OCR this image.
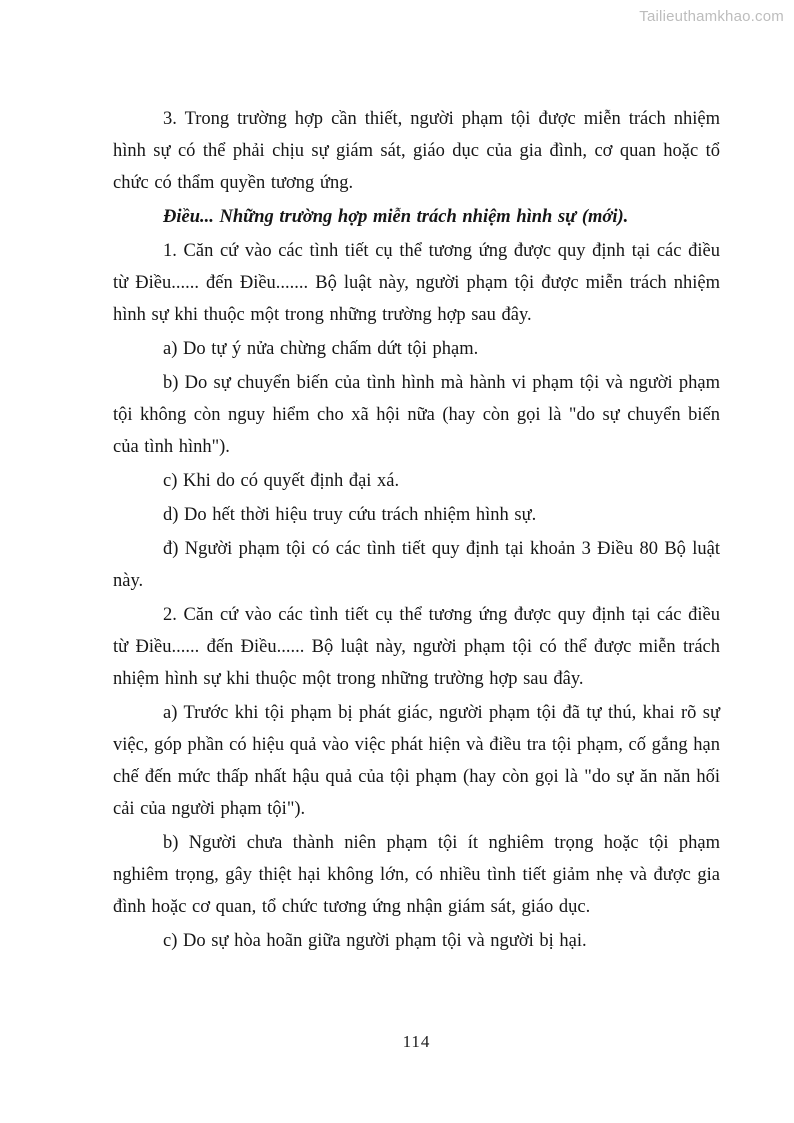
Tailieuthamkhao.com

3. Trong trường hợp cần thiết, người phạm tội được miễn trách nhiệm hình sự có thể phải chịu sự giám sát, giáo dục của gia đình, cơ quan hoặc tổ chức có thẩm quyền tương ứng.

Điều... Những trường hợp miễn trách nhiệm hình sự (mới).

1. Căn cứ vào các tình tiết cụ thể tương ứng được quy định tại các điều từ Điều...... đến Điều....... Bộ luật này, người phạm tội được miễn trách nhiệm hình sự khi thuộc một trong những trường hợp sau đây.

a) Do tự ý nửa chừng chấm dứt tội phạm.

b) Do sự chuyển biến của tình hình mà hành vi phạm tội và người phạm tội không còn nguy hiểm cho xã hội nữa (hay còn gọi là "do sự chuyển biến của tình hình").

c) Khi do có quyết định đại xá.

d) Do hết thời hiệu truy cứu trách nhiệm hình sự.

đ) Người phạm tội có các tình tiết quy định tại khoản 3 Điều 80 Bộ luật này.

2. Căn cứ vào các tình tiết cụ thể tương ứng được quy định tại các điều từ Điều...... đến Điều...... Bộ luật này, người phạm tội có thể được miễn trách nhiệm hình sự khi thuộc một trong những trường hợp sau đây.

a) Trước khi tội phạm bị phát giác, người phạm tội đã tự thú, khai rõ sự việc, góp phần có hiệu quả vào việc phát hiện và điều tra tội phạm, cố gắng hạn chế đến mức thấp nhất hậu quả của tội phạm (hay còn gọi là "do sự ăn năn hối cải của người phạm tội").

b) Người chưa thành niên phạm tội ít nghiêm trọng hoặc tội phạm nghiêm trọng, gây thiệt hại không lớn, có nhiều tình tiết giảm nhẹ và được gia đình hoặc cơ quan, tổ chức tương ứng nhận giám sát, giáo dục.

c) Do sự hòa hoãn giữa người phạm tội và người bị hại.

114
